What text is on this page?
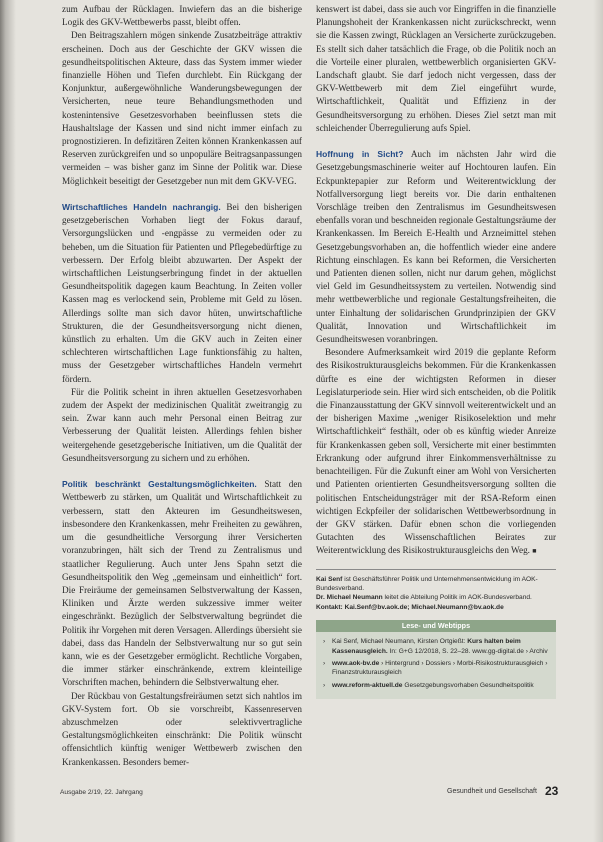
zum Aufbau der Rücklagen. Inwiefern das an die bisherige Logik des GKV-Wettbewerbs passt, bleibt offen.

Den Beitragszahlern mögen sinkende Zusatzbeiträge attraktiv erscheinen. Doch aus der Geschichte der GKV wissen die gesundheitspolitischen Akteure, dass das System immer wieder finanzielle Höhen und Tiefen durchlebt. Ein Rückgang der Konjunktur, außergewöhnliche Wanderungsbewegungen der Versicherten, neue teure Behandlungsmethoden und kostenintensive Gesetzesvorhaben beeinflussen stets die Haushaltslage der Kassen und sind nicht immer einfach zu prognostizieren. In defizitären Zeiten können Krankenkassen auf Reserven zurückgreifen und so unpopuläre Beitragsanpassungen vermeiden – was bisher ganz im Sinne der Politik war. Diese Möglichkeit beseitigt der Gesetzgeber nun mit dem GKV-VEG.

Wirtschaftliches Handeln nachrangig. Bei den bisherigen gesetzgeberischen Vorhaben liegt der Fokus darauf, Versorgungslücken und -engpässe zu vermeiden oder zu beheben, um die Situation für Patienten und Pflegebedürftige zu verbessern. Der Erfolg bleibt abzuwarten. Der Aspekt der wirtschaftlichen Leistungserbringung findet in der aktuellen Gesundheitspolitik dagegen kaum Beachtung. In Zeiten voller Kassen mag es verlockend sein, Probleme mit Geld zu lösen. Allerdings sollte man sich davor hüten, unwirtschaftliche Strukturen, die der Gesundheitsversorgung nicht dienen, künstlich zu erhalten. Um die GKV auch in Zeiten einer schlechteren wirtschaftlichen Lage funktionsfähig zu halten, muss der Gesetzgeber wirtschaftliches Handeln vermehrt fördern.

Für die Politik scheint in ihren aktuellen Gesetzesvorhaben zudem der Aspekt der medizinischen Qualität zweitrangig zu sein. Zwar kann auch mehr Personal einen Beitrag zur Verbesserung der Qualität leisten. Allerdings fehlen bisher weitergehende gesetzgeberische Initiativen, um die Qualität der Gesundheitsversorgung zu sichern und zu erhöhen.

Politik beschränkt Gestaltungsmöglichkeiten. Statt den Wettbewerb zu stärken, um Qualität und Wirtschaftlichkeit zu verbessern, statt den Akteuren im Gesundheitswesen, insbesondere den Krankenkassen, mehr Freiheiten zu gewähren, um die gesundheitliche Versorgung ihrer Versicherten voranzubringen, hält sich der Trend zu Zentralismus und staatlicher Regulierung. Auch unter Jens Spahn setzt die Gesundheitspolitik den Weg „gemeinsam und einheitlich“ fort. Die Freiräume der gemeinsamen Selbstverwaltung der Kassen, Kliniken und Ärzte werden sukzessive immer weiter eingeschränkt. Bezüglich der Selbstverwaltung begründet die Politik ihr Vorgehen mit deren Versagen. Allerdings übersieht sie dabei, dass das Handeln der Selbstverwaltung nur so gut sein kann, wie es der Gesetzgeber ermöglicht. Rechtliche Vorgaben, die immer stärker einschränkende, extrem kleinteilige Vorschriften machen, behindern die Selbstverwaltung eher.

Der Rückbau von Gestaltungsfreiräumen setzt sich nahtlos im GKV-System fort. Ob sie vorschreibt, Kassenreserven abzuschmelzen oder selektivvertragliche Gestaltungsmöglichkeiten einschränkt: Die Politik wünscht offensichtlich künftig weniger Wettbewerb zwischen den Krankenkassen. Besonders bemer-

kenswert ist dabei, dass sie auch vor Eingriffen in die finanzielle Planungshoheit der Krankenkassen nicht zurückschreckt, wenn sie die Kassen zwingt, Rücklagen an Versicherte zurückzugeben. Es stellt sich daher tatsächlich die Frage, ob die Politik noch an die Vorteile einer pluralen, wettbewerblich organisierten GKV-Landschaft glaubt. Sie darf jedoch nicht vergessen, dass der GKV-Wettbewerb mit dem Ziel eingeführt wurde, Wirtschaftlichkeit, Qualität und Effizienz in der Gesundheitsversorgung zu erhöhen. Dieses Ziel setzt man mit schleichender Überregulierung aufs Spiel.

Hoffnung in Sicht? Auch im nächsten Jahr wird die Gesetzgebungsmaschinerie weiter auf Hochtouren laufen. Ein Eckpunktepapier zur Reform und Weiterentwicklung der Notfallversorgung liegt bereits vor. Die darin enthaltenen Vorschläge treiben den Zentralismus im Gesundheitswesen ebenfalls voran und beschneiden regionale Gestaltungsräume der Krankenkassen. Im Bereich E-Health und Arzneimittel stehen Gesetzgebungsvorhaben an, die hoffentlich wieder eine andere Richtung einschlagen. Es kann bei Reformen, die Versicherten und Patienten dienen sollen, nicht nur darum gehen, möglichst viel Geld im Gesundheitssystem zu verteilen. Notwendig sind mehr wettbewerbliche und regionale Gestaltungsfreiheiten, die unter Einhaltung der solidarischen Grundprinzipien der GKV Qualität, Innovation und Wirtschaftlichkeit im Gesundheitswesen voranbringen.

Besondere Aufmerksamkeit wird 2019 die geplante Reform des Risikostrukturausgleichs bekommen. Für die Krankenkassen dürfte es eine der wichtigsten Reformen in dieser Legislaturperiode sein. Hier wird sich entscheiden, ob die Politik die Finanzausstattung der GKV sinnvoll weiterentwickelt und an der bisherigen Maxime „weniger Risikoselektion und mehr Wirtschaftlichkeit“ festhält, oder ob es künftig wieder Anreize für Krankenkassen geben soll, Versicherte mit einer bestimmten Erkrankung oder aufgrund ihrer Einkommensverhältnisse zu benachteiligen. Für die Zukunft einer am Wohl von Versicherten und Patienten orientierten Gesundheitsversorgung sollten die politischen Entscheidungsträger mit der RSA-Reform einen wichtigen Eckpfeiler der solidarischen Wettbewerbsordnung in der GKV stärken. Dafür ebnen schon die vorliegenden Gutachten des Wissenschaftlichen Beirates zur Weiterentwicklung des Risikostrukturausgleichs den Weg. ■

Kai Senf ist Geschäftsführer Politik und Unternehmensentwicklung im AOK-Bundesverband.
Dr. Michael Neumann leitet die Abteilung Politik im AOK-Bundesverband.
Kontakt: Kai.Senf@bv.aok.de; Michael.Neumann@bv.aok.de
Lese- und Webtipps
› Kai Senf, Michael Neumann, Kirsten Ortgießt: Kurs halten beim Kassenausgleich. In: G+G 12/2018, S. 22–28. www.gg-digital.de › Archiv
› www.aok-bv.de › Hintergrund › Dossiers › Morbi-Risikostrukturausgleich › Finanzstrukturausgleich
› www.reform-aktuell.de Gesetzgebungsvorhaben Gesundheitspolitik
Ausgabe 2/19, 22. Jahrgang	Gesundheit und Gesellschaft 23
